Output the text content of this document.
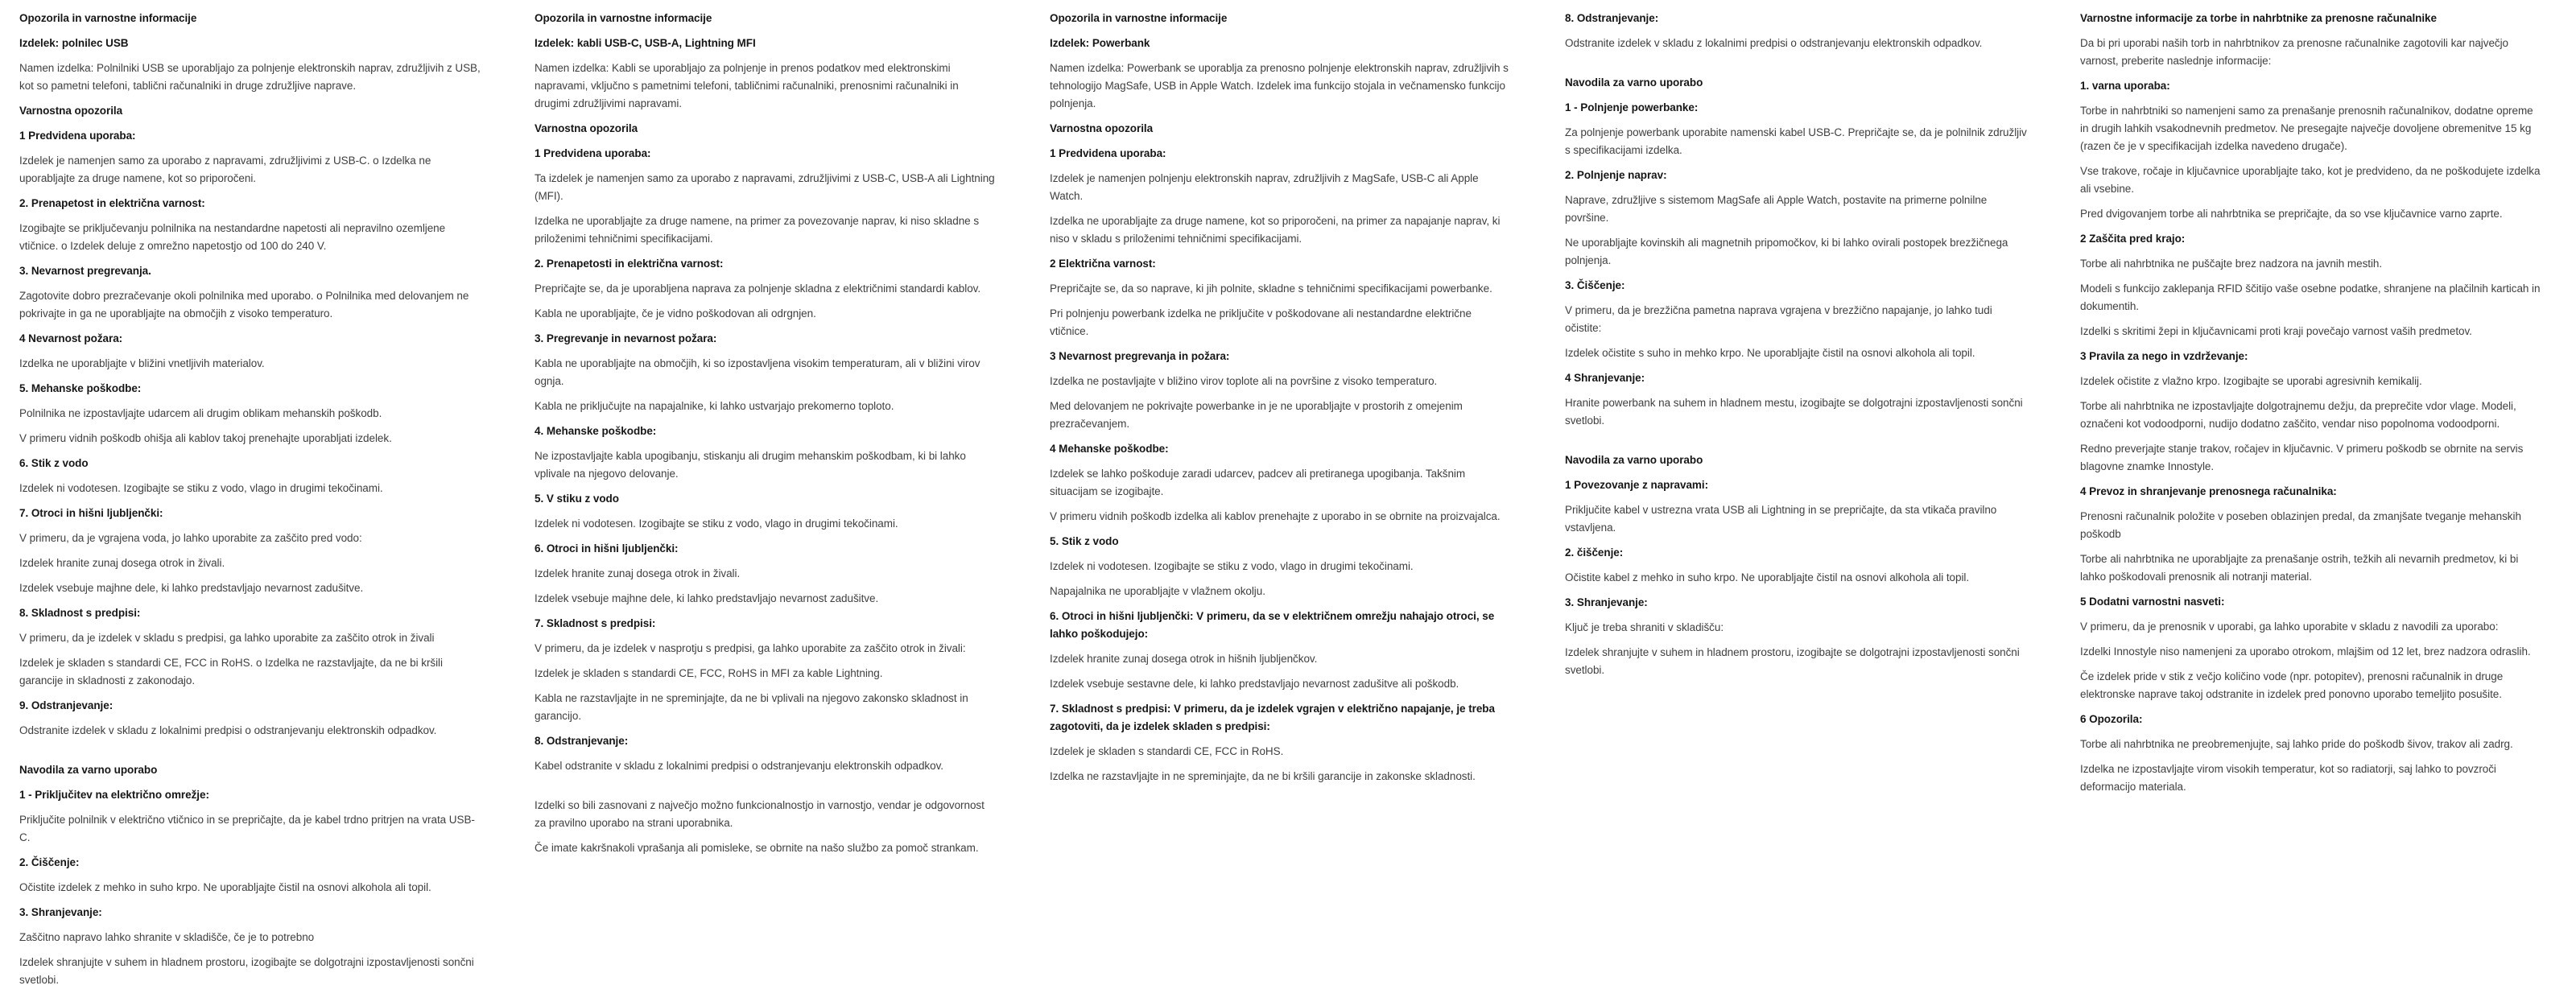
Opozorila in varnostne informacije

Izdelek: polnilec USB

Namen izdelka: Polnilniki USB se uporabljajo za polnjenje elektronskih naprav, združljivih z USB, kot so pametni telefoni, tablični računalniki in druge združljive naprave.

Varnostna opozorila

1 Predvidena uporaba:

Izdelek je namenjen samo za uporabo z napravami, združljivimi z USB-C. o Izdelka ne uporabljajte za druge namene, kot so priporočeni.

2. Prenapetost in električna varnost:

Izogibajte se priključevanju polnilnika na nestandardne napetosti ali nepravilno ozemljene vtičnice. o Izdelek deluje z omrežno napetostjo od 100 do 240 V.

3. Nevarnost pregrevanja.

Zagotovite dobro prezračevanje okoli polnilnika med uporabo. o Polnilnika med delovanjem ne pokrivajte in ga ne uporabljajte na območjih z visoko temperaturo.

4 Nevarnost požara:

Izdelka ne uporabljajte v bližini vnetljivih materialov.

5. Mehanske poškodbe:

Polnilnika ne izpostavljajte udarcem ali drugim oblikam mehanskih poškodb.

V primeru vidnih poškodb ohišja ali kablov takoj prenehajte uporabljati izdelek.

6. Stik z vodo

Izdelek ni vodotesen. Izogibajte se stiku z vodo, vlago in drugimi tekočinami.

7. Otroci in hišni ljubljenčki:

V primeru, da je vgrajena voda, jo lahko uporabite za zaščito pred vodo:

Izdelek hranite zunaj dosega otrok in živali.

Izdelek vsebuje majhne dele, ki lahko predstavljajo nevarnost zadušitve.

8. Skladnost s predpisi:

V primeru, da je izdelek v skladu s predpisi, ga lahko uporabite za zaščito otrok in živali

Izdelek je skladen s standardi CE, FCC in RoHS. o Izdelka ne razstavljajte, da ne bi kršili garancije in skladnosti z zakonodajo.

9. Odstranjevanje:

Odstranite izdelek v skladu z lokalnimi predpisi o odstranjevanju elektronskih odpadkov.

Navodila za varno uporabo

1 - Priključitev na električno omrežje:

Priključite polnilnik v električno vtičnico in se prepričajte, da je kabel trdno pritrjen na vrata USB-C.

2. Čiščenje:

Očistite izdelek z mehko in suho krpo. Ne uporabljajte čistil na osnovi alkohola ali topil.

3. Shranjevanje:

Zaščitno napravo lahko shranite v skladišče, če je to potrebno

Izdelek shranjujte v suhem in hladnem prostoru, izogibajte se dolgotrajni izpostavljenosti sončni svetlobi.

Opozorila in varnostne informacije

Izdelek: kabli USB-C, USB-A, Lightning MFI

Namen izdelka: Kabli se uporabljajo za polnjenje in prenos podatkov med elektronskimi napravami, vključno s pametnimi telefoni, tabličnimi računalniki, prenosnimi računalniki in drugimi združljivimi napravami.

Varnostna opozorila

1 Predvidena uporaba:

Ta izdelek je namenjen samo za uporabo z napravami, združljivimi z USB-C, USB-A ali Lightning (MFI).

Izdelka ne uporabljajte za druge namene, na primer za povezovanje naprav, ki niso skladne s priloženimi tehničnimi specifikacijami.

2. Prenapetosti in električna varnost:

Prepričajte se, da je uporabljena naprava za polnjenje skladna z električnimi standardi kablov.

Kabla ne uporabljajte, če je vidno poškodovan ali odrgnjen.

3. Pregrevanje in nevarnost požara:

Kabla ne uporabljajte na območjih, ki so izpostavljena visokim temperaturam, ali v bližini virov ognja.

Kabla ne priključujte na napajalnike, ki lahko ustvarjajo prekomerno toploto.

4. Mehanske poškodbe:

Ne izpostavljajte kabla upogibanju, stiskanju ali drugim mehanskim poškodbam, ki bi lahko vplivale na njegovo delovanje.

5. V stiku z vodo

Izdelek ni vodotesen. Izogibajte se stiku z vodo, vlago in drugimi tekočinami.

6. Otroci in hišni ljubljenčki:

Izdelek hranite zunaj dosega otrok in živali.

Izdelek vsebuje majhne dele, ki lahko predstavljajo nevarnost zadušitve.

7. Skladnost s predpisi:

V primeru, da je izdelek v nasprotju s predpisi, ga lahko uporabite za zaščito otrok in živali:

Izdelek je skladen s standardi CE, FCC, RoHS in MFI za kable Lightning.

Kabla ne razstavljajte in ne spreminjajte, da ne bi vplivali na njegovo zakonsko skladnost in garancijo.

8. Odstranjevanje:

Kabel odstranite v skladu z lokalnimi predpisi o odstranjevanju elektronskih odpadkov.

Izdelki so bili zasnovani z največjo možno funkcionalnostjo in varnostjo, vendar je odgovornost za pravilno uporabo na strani uporabnika.

Če imate kakršnakoli vprašanja ali pomisleke, se obrnite na našo službo za pomoč strankam.

Opozorila in varnostne informacije

Izdelek: Powerbank

Namen izdelka: Powerbank se uporablja za prenosno polnjenje elektronskih naprav, združljivih s tehnologijo MagSafe, USB in Apple Watch. Izdelek ima funkcijo stojala in večnamensko funkcijo polnjenja.

Varnostna opozorila

1 Predvidena uporaba:

Izdelek je namenjen polnjenju elektronskih naprav, združljivih z MagSafe, USB-C ali Apple Watch.

Izdelka ne uporabljajte za druge namene, kot so priporočeni, na primer za napajanje naprav, ki niso v skladu s priloženimi tehničnimi specifikacijami.

2 Električna varnost:

Prepričajte se, da so naprave, ki jih polnite, skladne s tehničnimi specifikacijami powerbanke.

Pri polnjenju powerbank izdelka ne priključite v poškodovane ali nestandardne električne vtičnice.

3 Nevarnost pregrevanja in požara:

Izdelka ne postavljajte v bližino virov toplote ali na površine z visoko temperaturo.

Med delovanjem ne pokrivajte powerbanke in je ne uporabljajte v prostorih z omejenim prezračevanjem.

4 Mehanske poškodbe:

Izdelek se lahko poškoduje zaradi udarcev, padcev ali pretiranega upogibanja. Takšnim situacijam se izogibajte.

V primeru vidnih poškodb izdelka ali kablov prenehajte z uporabo in se obrnite na proizvajalca.

5. Stik z vodo

Izdelek ni vodotesen. Izogibajte se stiku z vodo, vlago in drugimi tekočinami.

Napajalnika ne uporabljajte v vlažnem okolju.

6. Otroci in hišni ljubljenčki: V primeru, da se v električnem omrežju nahajajo otroci, se lahko poškodujejo:

Izdelek hranite zunaj dosega otrok in hišnih ljubljenčkov.

Izdelek vsebuje sestavne dele, ki lahko predstavljajo nevarnost zadušitve ali poškodb.

7. Skladnost s predpisi: V primeru, da je izdelek vgrajen v električno napajanje, je treba zagotoviti, da je izdelek skladen s predpisi:

Izdelek je skladen s standardi CE, FCC in RoHS.

Izdelka ne razstavljajte in ne spreminjajte, da ne bi kršili garancije in zakonske skladnosti.

8. Odstranjevanje:

Odstranite izdelek v skladu z lokalnimi predpisi o odstranjevanju elektronskih odpadkov.

Navodila za varno uporabo

1 - Polnjenje powerbanke:

Za polnjenje powerbank uporabite namenski kabel USB-C. Prepričajte se, da je polnilnik združljiv s specifikacijami izdelka.

2. Polnjenje naprav:

Naprave, združljive s sistemom MagSafe ali Apple Watch, postavite na primerne polnilne površine.

Ne uporabljajte kovinskih ali magnetnih pripomočkov, ki bi lahko ovirali postopek brezžičnega polnjenja.

3. Čiščenje:

V primeru, da je brezžična pametna naprava vgrajena v brezžično napajanje, jo lahko tudi očistite:

Izdelek očistite s suho in mehko krpo. Ne uporabljajte čistil na osnovi alkohola ali topil.

4 Shranjevanje:

Hranite powerbank na suhem in hladnem mestu, izogibajte se dolgotrajni izpostavljenosti sončni svetlobi.

Navodila za varno uporabo

1 Povezovanje z napravami:

Priključite kabel v ustrezna vrata USB ali Lightning in se prepričajte, da sta vtikača pravilno vstavljena.

2. čiščenje:

Očistite kabel z mehko in suho krpo. Ne uporabljajte čistil na osnovi alkohola ali topil.

3. Shranjevanje:

Ključ je treba shraniti v skladišču:

Izdelek shranjujte v suhem in hladnem prostoru, izogibajte se dolgotrajni izpostavljenosti sončni svetlobi.

Varnostne informacije za torbe in nahrbtnike za prenosne računalnike

Da bi pri uporabi naših torb in nahrbtnikov za prenosne računalnike zagotovili kar največjo varnost, preberite naslednje informacije:

1. varna uporaba:

Torbe in nahrbtniki so namenjeni samo za prenašanje prenosnih računalnikov, dodatne opreme in drugih lahkih vsakodnevnih predmetov. Ne presegajte največje dovoljene obremenitve 15 kg (razen če je v specifikacijah izdelka navedeno drugače).

Vse trakove, ročaje in ključavnice uporabljajte tako, kot je predvideno, da ne poškodujete izdelka ali vsebine.

Pred dvigovanjem torbe ali nahrbtnika se prepričajte, da so vse ključavnice varno zaprte.

2 Zaščita pred krajo:

Torbe ali nahrbtnika ne puščajte brez nadzora na javnih mestih.

Modeli s funkcijo zaklepanja RFID ščitijo vaše osebne podatke, shranjene na plačilnih karticah in dokumentih.

Izdelki s skritimi žepi in ključavnicami proti kraji povečajo varnost vaših predmetov.

3 Pravila za nego in vzdrževanje:

Izdelek očistite z vlažno krpo. Izogibajte se uporabi agresivnih kemikalij.

Torbe ali nahrbtnika ne izpostavljajte dolgotrajnemu dežju, da preprečite vdor vlage. Modeli, označeni kot vodoodporni, nudijo dodatno zaščito, vendar niso popolnoma vodoodporni.

Redno preverjajte stanje trakov, ročajev in ključavnic. V primeru poškodb se obrnite na servis blagovne znamke Innostyle.

4 Prevoz in shranjevanje prenosnega računalnika:

Prenosni računalnik položite v poseben oblazinjen predal, da zmanjšate tveganje mehanskih poškodb

Torbe ali nahrbtnika ne uporabljajte za prenašanje ostrih, težkih ali nevarnih predmetov, ki bi lahko poškodovali prenosnik ali notranji material.

5 Dodatni varnostni nasveti:

V primeru, da je prenosnik v uporabi, ga lahko uporabite v skladu z navodili za uporabo:

Izdelki Innostyle niso namenjeni za uporabo otrokom, mlajšim od 12 let, brez nadzora odraslih.

Če izdelek pride v stik z večjo količino vode (npr. potopitev), prenosni računalnik in druge elektronske naprave takoj odstranite in izdelek pred ponovno uporabo temeljito posušite.

6 Opozorila:

Torbe ali nahrbtnika ne preobremenjujte, saj lahko pride do poškodb šivov, trakov ali zadrg.

Izdelka ne izpostavljajte virom visokih temperatur, kot so radiatorji, saj lahko to povzroči deformacijo materiala.
